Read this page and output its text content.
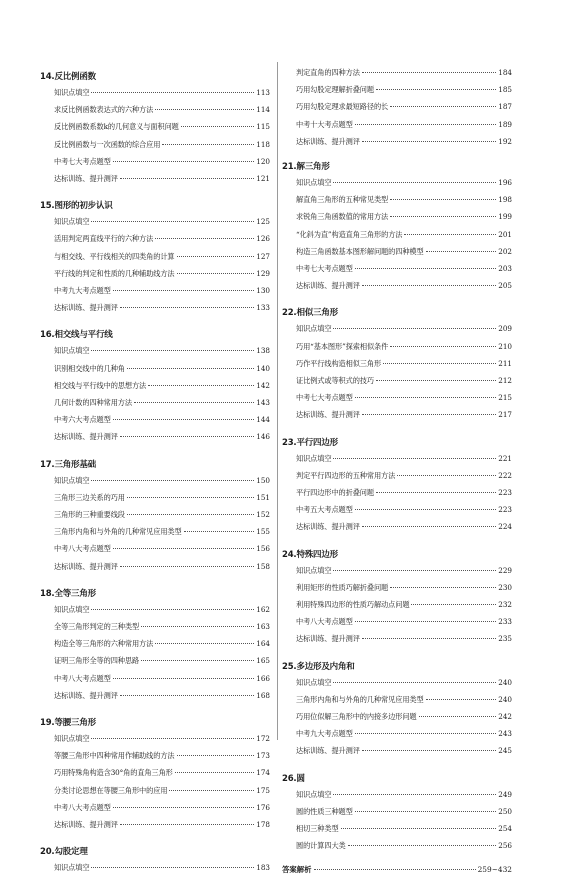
14.反比例函数
知识点填空	113
求反比例函数表达式的六种方法	114
反比例函数系数k的几何意义与面积问题	115
反比例函数与一次函数的综合应用	118
中考七大考点题型	120
达标训练、提升测评	121
15.图形的初步认识
知识点填空	125
活用判定两直线平行的六种方法	126
与相交线、平行线相关的四类角的计算	127
平行线的判定和性质的几种辅助线方法	129
中考九大考点题型	130
达标训练、提升测评	133
16.相交线与平行线
知识点填空	138
识别相交线中的几种角	140
相交线与平行线中的思想方法	142
几何计数的四种常用方法	143
中考六大考点题型	144
达标训练、提升测评	146
17.三角形基础
知识点填空	150
三角形三边关系的巧用	151
三角形的三种重要线段	152
三角形内角和与外角的几种常见应用类型	155
中考八大考点题型	156
达标训练、提升测评	158
18.全等三角形
知识点填空	162
全等三角形判定的三种类型	163
构造全等三角形的六种常用方法	164
证明三角形全等的四种思路	165
中考八大考点题型	166
达标训练、提升测评	168
19.等腰三角形
知识点填空	172
等腰三角形中四种常用作辅助线的方法	173
巧用特殊角构造含30°角的直角三角形	174
分类讨论思想在等腰三角形中的应用	175
中考八大考点题型	176
达标训练、提升测评	178
20.勾股定理
知识点填空	183
判定直角的四种方法	184
巧用勾股定理解折叠问题	185
巧用勾股定理求最短路径的长	187
中考十大考点题型	189
达标训练、提升测评	192
21.解三角形
知识点填空	196
解直角三角形的五种常见类型	198
求锐角三角函数值的常用方法	199
“化斜为直”构造直角三角形的方法	201
构造三角函数基本图形解问题的四种模型	202
中考七大考点题型	203
达标训练、提升测评	205
22.相似三角形
知识点填空	209
巧用“基本图形”探索相似条件	210
巧作平行线构造相似三角形	211
证比例式或等积式的技巧	212
中考七大考点题型	215
达标训练、提升测评	217
23.平行四边形
知识点填空	221
判定平行四边形的五种常用方法	222
平行四边形中的折叠问题	223
中考五大考点题型	223
达标训练、提升测评	224
24.特殊四边形
知识点填空	229
利用矩形的性质巧解折叠问题	230
利用特殊四边形的性质巧解动点问题	232
中考八大考点题型	233
达标训练、提升测评	235
25.多边形及内角和
知识点填空	240
三角形内角和与外角的几种常见应用类型	240
巧用位似解三角形中的内接多边形问题	242
中考九大考点题型	243
达标训练、提升测评	245
26.圆
知识点填空	249
圆的性质三种题型	250
相切三种类型	254
圆的计算四大类	256
答案解析	259~432
